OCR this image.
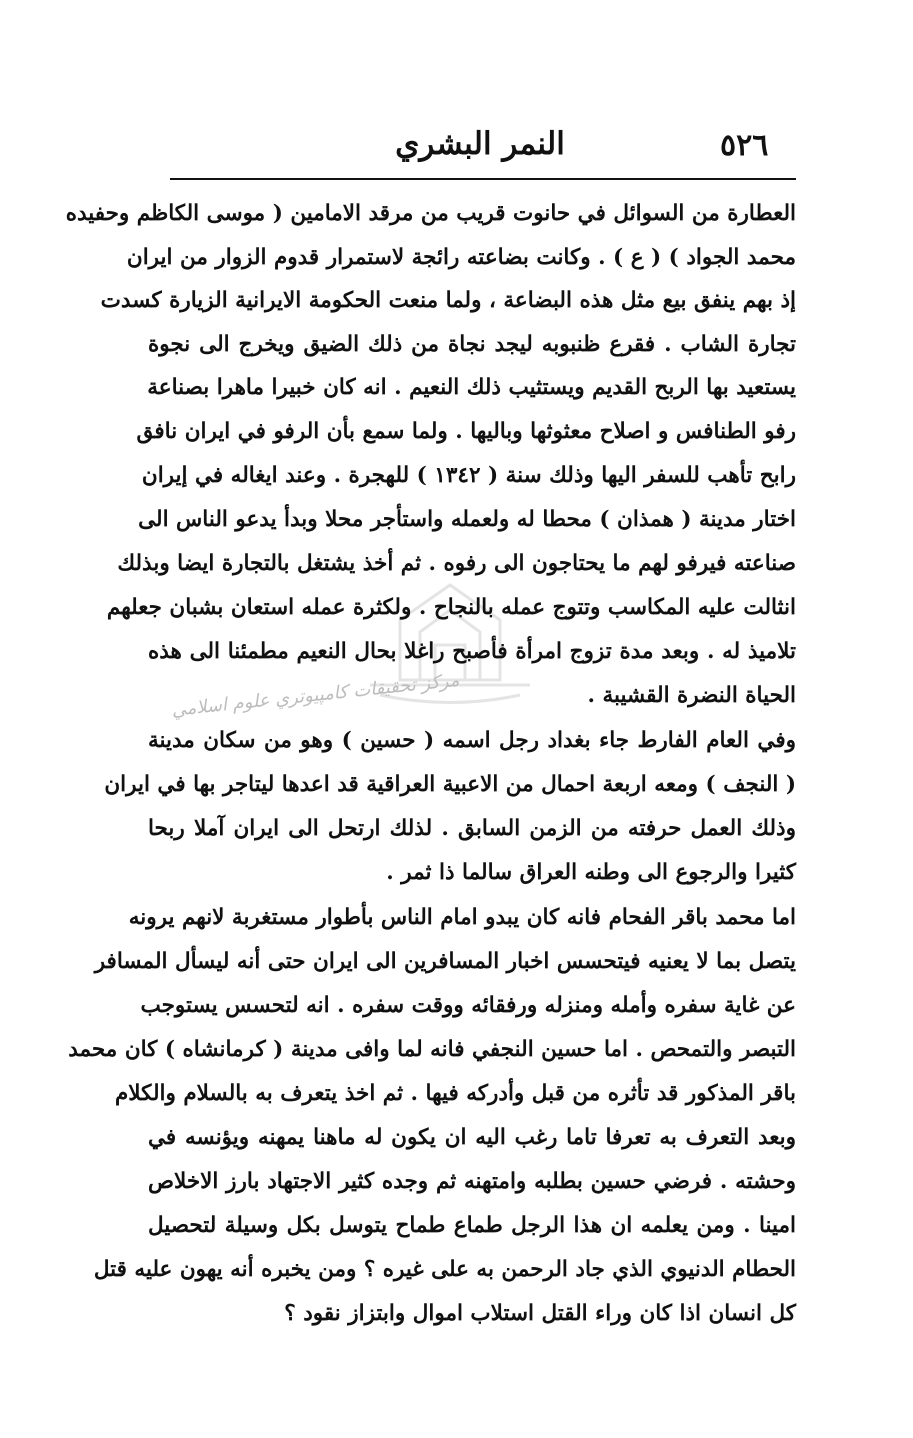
٥٢٦
النمر البشري
مركز تحقيقات كامپيوتري علوم اسلامي
العطارة من السوائل في حانوت قريب من مرقد الامامين ( موسى الكاظم وحفيده
محمد الجواد ) ( ع ) . وكانت بضاعته رائجة لاستمرار قدوم الزوار من ايران
إذ بهم ينفق بيع مثل هذه البضاعة ، ولما منعت الحكومة الايرانية الزيارة كسدت
تجارة الشاب . فقرع ظنبوبه ليجد نجاة من ذلك الضيق ويخرج الى نجوة
يستعيد بها الربح القديم ويستثيب ذلك النعيم . انه كان خبيرا ماهرا بصناعة
رفو الطنافس و اصلاح معثوثها وباليها . ولما سمع بأن الرفو في ايران نافق
رابح تأهب للسفر اليها وذلك سنة ( ١٣٤٢ ) للهجرة . وعند ايغاله في إيران
اختار مدينة ( همذان ) محطا له ولعمله واستأجر محلا وبدأ يدعو الناس الى
صناعته فيرفو لهم ما يحتاجون الى رفوه . ثم أخذ يشتغل بالتجارة ايضا وبذلك
انثالت عليه المكاسب وتتوج عمله بالنجاح . ولكثرة عمله استعان بشبان جعلهم
تلاميذ له . وبعد مدة تزوج امرأة فأصبح راغلا بحال النعيم مطمئنا الى هذه
الحياة النضرة القشيبة .
وفي العام الفارط جاء بغداد رجل اسمه ( حسين ) وهو من سكان مدينة
( النجف ) ومعه اربعة احمال من الاعبية العراقية قد اعدها ليتاجر بها في ايران
وذلك العمل حرفته من الزمن السابق . لذلك ارتحل الى ايران آملا ربحا
كثيرا والرجوع الى وطنه العراق سالما ذا ثمر .
اما محمد باقر الفحام فانه كان يبدو امام الناس بأطوار مستغربة لانهم يرونه
يتصل بما لا يعنيه فيتحسس اخبار المسافرين الى ايران حتى أنه ليسأل المسافر
عن غاية سفره وأمله ومنزله ورفقائه ووقت سفره . انه لتحسس يستوجب
التبصر والتمحص . اما حسين النجفي فانه لما وافى مدينة ( كرمانشاه ) كان محمد
باقر المذكور قد تأثره من قبل وأدركه فيها . ثم اخذ يتعرف به بالسلام والكلام
وبعد التعرف به تعرفا تاما رغب اليه ان يكون له ماهنا يمهنه ويؤنسه في
وحشته . فرضي حسين بطلبه وامتهنه ثم وجده كثير الاجتهاد بارز الاخلاص
امينا . ومن يعلمه ان هذا الرجل طماع طماح يتوسل بكل وسيلة لتحصيل
الحطام الدنيوي الذي جاد الرحمن به على غيره ؟ ومن يخبره أنه يهون عليه قتل
كل انسان اذا كان وراء القتل استلاب اموال وابتزاز نقود ؟
